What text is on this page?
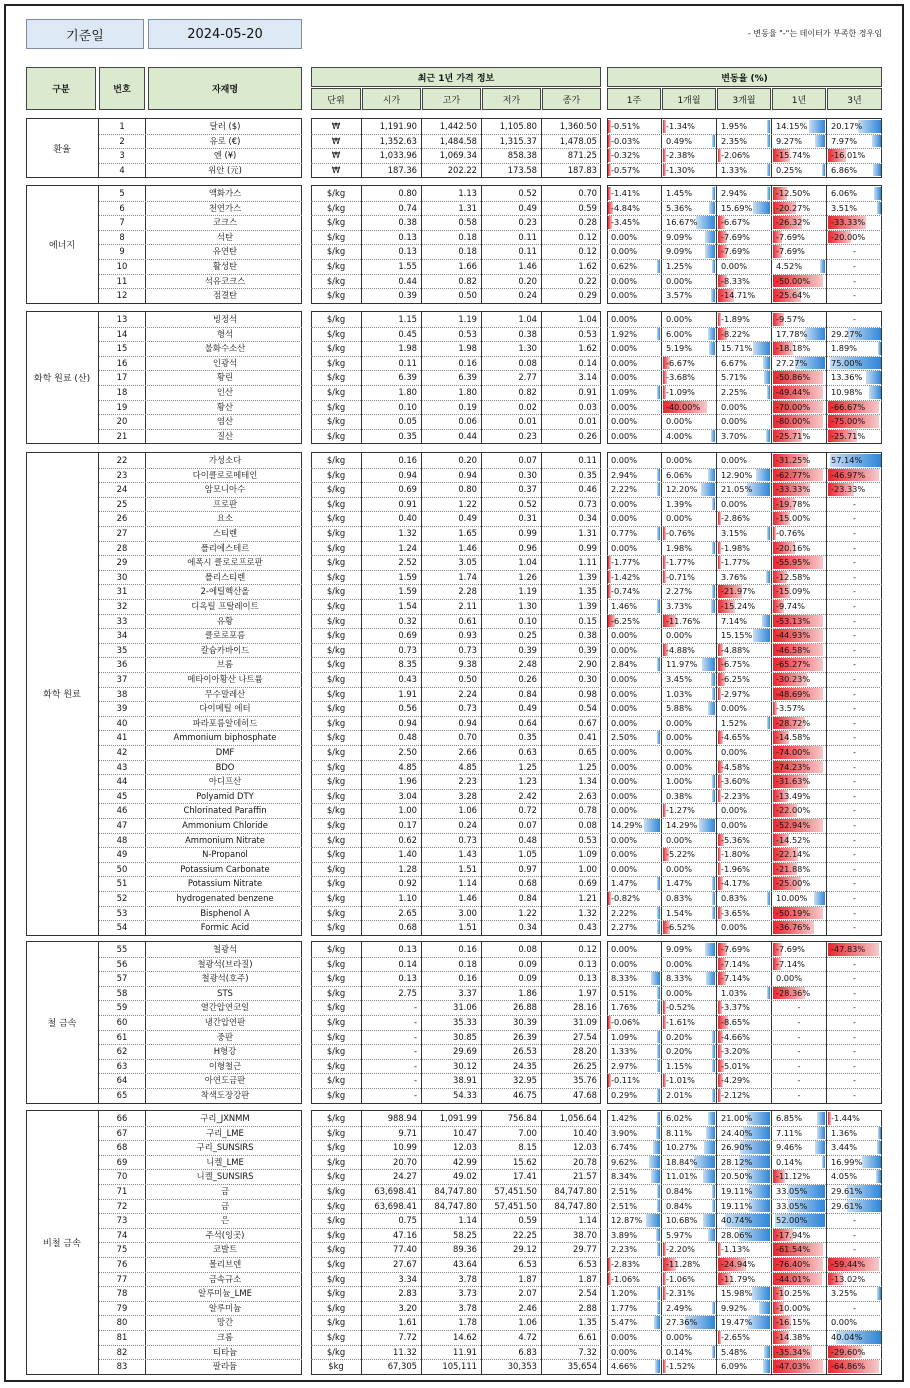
기준일	2024-05-20	- 변동율 "-"는 데이터가 부족한 경우임
구분	번호	자재명
최근 1년 가격 정보
단위	시가	고가	저가	종가
변동율 (%)
1주	1개월	3개월	1년	3년
환율
1	달러 ($)	₩	1,191.90	1,442.50	1,105.80	1,360.50 -0.51%	-1.34%	1.95%	14.15%	20.17%
2	유로 (€)	₩	1,352.63	1,484.58	1,315.37	1,478.05 -0.03%	0.49%	2.35%	9.27%	7.97%
3	엔 (¥)	₩	1,033.96	1,069.34	858.38	871.25 -0.32%	-2.38%	-2.06%	-15.74%	-16.01%
4	위안 (元)	₩	187.36	202.22	173.58	187.83 -0.57%	-1.30%	1.33%	0.25%	6.86%
에너지
5	액화가스	$/kg	0.80	1.13	0.52	0.70 -1.41%	1.45%	2.94%	-12.50%	6.06%
6	천연가스	$/kg	0.74	1.31	0.49	0.59 -4.84%	5.36%	15.69%	-20.27%	3.51%
7	코크스	$/kg	0.38	0.58	0.23	0.28 -3.45%	16.67%	-6.67%	-26.32%	-33.33%
8	석탄	$/kg	0.13	0.18	0.11	0.12 0.00%	9.09%	-7.69%	-7.69%	-20.00%
9	유연탄	$/kg	0.13	0.18	0.11	0.12 0.00%	9.09%	-7.69%	-7.69%	-
10	활성탄	$/kg	1.55	1.66	1.46	1.62 0.62%	1.25%	0.00%	4.52%	-
11	석유코크스	$/kg	0.44	0.82	0.20	0.22 0.00%	0.00%	-8.33%	-50.00%	-
12	점결탄	$/kg	0.39	0.50	0.24	0.29 0.00%	3.57%	-14.71%	-25.64%	-
화학 원료 (산)
13	빙정석	$/kg	1.15	1.19	1.04	1.04 0.00%	0.00%	-1.89%	-9.57%	-
14	형석	$/kg	0.45	0.53	0.38	0.53 1.92%	6.00%	-8.22%	17.78%	29.27%
15	불화수소산	$/kg	1.98	1.98	1.30	1.62 0.00%	5.19%	15.71%	-18.18%	1.89%
16	인광석	$/kg	0.11	0.16	0.08	0.14 0.00%	-6.67%	6.67%	27.27%	75.00%
17	황린	$/kg	6.39	6.39	2.77	3.14 0.00%	-3.68%	5.71%	-50.86%	13.36%
18	인산	$/kg	1.80	1.80	0.82	0.91 1.09%	-1.09%	2.25%	-49.44%	10.98%
19	황산	$/kg	0.10	0.19	0.02	0.03 0.00%	-40.00%	0.00%	-70.00%	-66.67%
20	염산	$/kg	0.05	0.06	0.01	0.01 0.00%	0.00%	0.00%	-80.00%	-75.00%
21	질산	$/kg	0.35	0.44	0.23	0.26 0.00%	4.00%	3.70%	-25.71%	-25.71%
화학 원료
22	가성소다	$/kg	0.16	0.20	0.07	0.11 0.00%	0.00%	0.00%	-31.25%	57.14%
23	다이클로로메테인	$/kg	0.94	0.94	0.30	0.35 2.94%	6.06%	12.90%	-62.77%	-46.97%
24	암모니아수	$/kg	0.69	0.80	0.37	0.46 2.22%	12.20%	21.05%	-33.33%	-23.33%
25	프로판	$/kg	0.91	1.22	0.52	0.73 0.00%	1.39%	0.00%	-19.78%	-
26	요소	$/kg	0.40	0.49	0.31	0.34 0.00%	0.00%	-2.86%	-15.00%	-
27	스티렌	$/kg	1.32	1.65	0.99	1.31 0.77%	-0.76%	3.15%	-0.76%	-
28	폴리에스테르	$/kg	1.24	1.46	0.96	0.99 0.00%	1.98%	-1.98%	-20.16%	-
29	에폭시 클로로프로판	$/kg	2.52	3.05	1.04	1.11 -1.77%	-1.77%	-1.77%	-55.95%	-
30	폴리스티렌	$/kg	1.59	1.74	1.26	1.39 -1.42%	-0.71%	3.76%	-12.58%	-
31	2-에틸헥산올	$/kg	1.59	2.28	1.19	1.35 -0.74%	2.27%	-21.97%	-15.09%	-
32	디옥틸 프탈레이트	$/kg	1.54	2.11	1.30	1.39 1.46%	3.73%	-15.24%	-9.74%	-
33	유황	$/kg	0.32	0.61	0.10	0.15 -6.25%	-11.76%	7.14%	-53.13%	-
34	클로로포름	$/kg	0.69	0.93	0.25	0.38 0.00%	0.00%	15.15%	-44.93%	-
35	칼슘카바이드	$/kg	0.73	0.73	0.39	0.39 0.00%	-4.88%	-4.88%	-46.58%	-
36	브롬	$/kg	8.35	9.38	2.48	2.90 2.84%	11.97%	-6.75%	-65.27%	-
37	메타이아황산 나트륨	$/kg	0.43	0.50	0.26	0.30 0.00%	3.45%	-6.25%	-30.23%	-
38	무수말레산	$/kg	1.91	2.24	0.84	0.98 0.00%	1.03%	-2.97%	-48.69%	-
39	다이메틸 에터	$/kg	0.56	0.73	0.49	0.54 0.00%	5.88%	0.00%	-3.57%	-
40	파라포름알데히드	$/kg	0.94	0.94	0.64	0.67 0.00%	0.00%	1.52%	-28.72%	-
41	Ammonium biphosphate	$/kg	0.48	0.70	0.35	0.41 2.50%	0.00%	-4.65%	-14.58%	-
42	DMF	$/kg	2.50	2.66	0.63	0.65 0.00%	0.00%	0.00%	-74.00%	-
43	BDO	$/kg	4.85	4.85	1.25	1.25 0.00%	0.00%	-4.58%	-74.23%	-
44	아디프산	$/kg	1.96	2.23	1.23	1.34 0.00%	1.00%	-3.60%	-31.63%	-
45	Polyamid DTY	$/kg	3.04	3.28	2.42	2.63 0.00%	0.38%	-2.23%	-13.49%	-
46	Chlorinated Paraffin	$/kg	1.00	1.06	0.72	0.78 0.00%	-1.27%	0.00%	-22.00%	-
47	Ammonium Chloride	$/kg	0.17	0.24	0.07	0.08 14.29%	14.29%	0.00%	-52.94%	-
48	Ammonium Nitrate	$/kg	0.62	0.73	0.48	0.53 0.00%	0.00%	-5.36%	-14.52%	-
49	N-Propanol	$/kg	1.40	1.43	1.05	1.09 0.00%	-5.22%	-1.80%	-22.14%	-
50	Potassium Carbonate	$/kg	1.28	1.51	0.97	1.00 0.00%	0.00%	-1.96%	-21.88%	-
51	Potassium Nitrate	$/kg	0.92	1.14	0.68	0.69 1.47%	1.47%	-4.17%	-25.00%	-
52	hydrogenated benzene	$/kg	1.10	1.46	0.84	1.21 -0.82%	0.83%	0.83%	10.00%	-
53	Bisphenol A	$/kg	2.65	3.00	1.22	1.32 2.22%	1.54%	-3.65%	-50.19%	-
54	Formic Acid	$/kg	0.68	1.51	0.34	0.43 2.27%	-6.52%	0.00%	-36.76%	-
철 금속
55	철광석	$/kg	0.13	0.16	0.08	0.12 0.00%	9.09%	-7.69%	-7.69%	-47.83%
56	철광석(브라질)	$/kg	0.14	0.18	0.09	0.13 0.00%	0.00%	-7.14%	-7.14%	-
57	철광석(호주)	$/kg	0.13	0.16	0.09	0.13 8.33%	8.33%	-7.14%	0.00%	-
58	STS	$/kg	2.75	3.37	1.86	1.97 0.51%	0.00%	1.03%	-28.36%	-
59	열간압연코일	$/kg	-	31.06	26.88	28.16 1.76%	-0.52%	-3.37%	-	-
60	냉간압연판	$/kg	-	35.33	30.39	31.09 -0.06%	-1.61%	-8.65%	-	-
61	중판	$/kg	-	30.85	26.39	27.54 1.09%	0.20%	-4.66%	-	-
62	H형강	$/kg	-	29.69	26.53	28.20 1.33%	0.20%	-3.20%	-	-
63	이형철근	$/kg	-	30.12	24.35	26.25 2.97%	1.15%	-5.01%	-	-
64	아연도금판	$/kg	-	38.91	32.95	35.76 -0.11%	-1.01%	-4.29%	-	-
65	착색도장강판	$/kg	-	54.33	46.75	47.68 0.29%	2.01%	-2.12%	-	-
비철 금속
66	구리_JXNMM	$/kg	988.94	1,091.99	756.84	1,056.64 1.42%	6.02%	21.00%	6.85%	-1.44%
67	구리_LME	$/kg	9.71	10.47	7.00	10.40 3.90%	8.11%	24.40%	7.11%	1.36%
68	구리_SUNSIRS	$/kg	10.99	12.03	8.15	12.03 6.74%	10.27%	26.90%	9.46%	3.44%
69	니켈_LME	$/kg	20.70	42.99	15.62	20.78 9.62%	18.84%	28.12%	0.14%	16.99%
70	니켈_SUNSIRS	$/kg	24.27	49.02	17.41	21.57 8.34%	11.01%	20.50%	-11.12%	4.05%
71	금	$/kg	63,698.41	84,747.80	57,451.50	84,747.80 2.51%	0.84%	19.11%	33.05%	29.61%
72	금	$/kg	63,698.41	84,747.80	57,451.50	84,747.80 2.51%	0.84%	19.11%	33.05%	29.61%
73	은	$/kg	0.75	1.14	0.59	1.14 12.87%	10.68%	40.74%	52.00%	-
74	주석(잉곳)	$/kg	47.16	58.25	22.25	38.70 3.89%	5.97%	28.06%	-17.94%	-
75	코발트	$/kg	77.40	89.36	29.12	29.77 2.23%	-2.20%	-1.13%	-61.54%	-
76	몰리브덴	$/kg	27.67	43.64	6.53	6.53 -2.83%	-11.28%	-24.94%	-76.40%	-59.44%
77	금속규소	$/kg	3.34	3.78	1.87	1.87 -1.06%	-1.06%	-11.79%	-44.01%	-13.02%
78	알루미늄_LME	$/kg	2.83	3.73	2.07	2.54 1.20%	-2.31%	15.98%	-10.25%	3.25%
79	알루미늄	$/kg	3.20	3.78	2.46	2.88 1.77%	2.49%	9.92%	-10.00%	-
80	망간	$/kg	1.61	1.78	1.06	1.35 5.47%	27.36%	19.47%	-16.15%	0.00%
81	크롬	$/kg	7.72	14.62	4.72	6.61 0.00%	0.00%	-2.65%	-14.38%	40.04%
82	티타늄	$/kg	11.32	11.91	6.83	7.32 0.00%	0.14%	5.48%	-35.34%	-29.60%
83	팔라듐	$kg	67,305	105,111	30,353	35,654 4.66%	-1.52%	6.09%	-47.03%	-64.86%
